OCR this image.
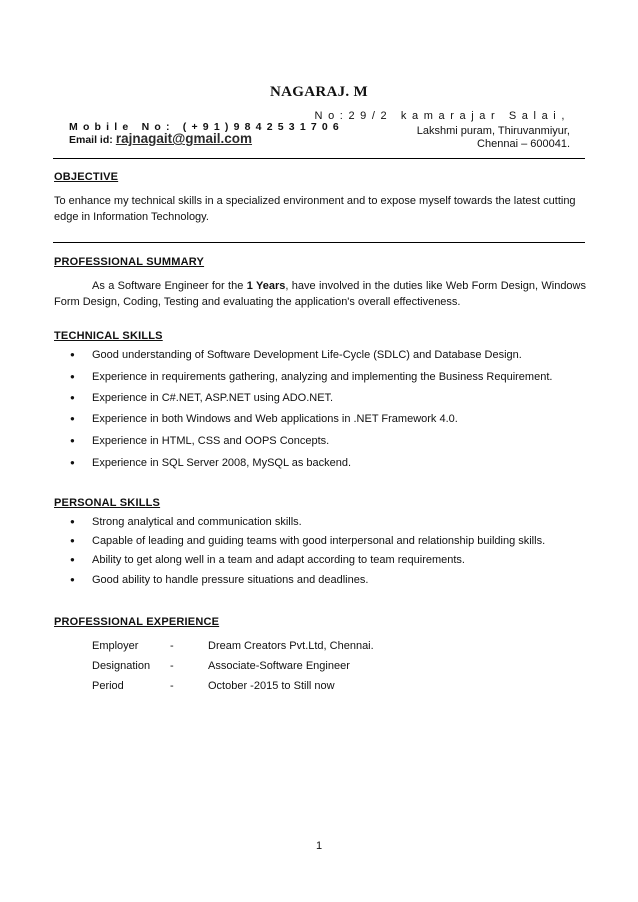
NAGARAJ. M
No:29/2 kamarajar Salai,
Mobile No: (+91)9842531706	Lakshmi puram, Thiruvanmiyur,
Email id: rajnagait@gmail.com	Chennai – 600041.
OBJECTIVE
To enhance my technical skills in a specialized environment and to expose myself towards the latest cutting edge in Information Technology.
PROFESSIONAL SUMMARY
As a Software Engineer for the 1 Years, have involved in the duties like Web Form Design, Windows Form Design, Coding, Testing and evaluating the application's overall effectiveness.
TECHNICAL SKILLS
● Good understanding of Software Development Life-Cycle (SDLC) and Database Design.
● Experience in requirements gathering, analyzing and implementing the Business Requirement.
● Experience in C#.NET, ASP.NET using ADO.NET.
● Experience in both Windows and Web applications in .NET Framework 4.0.
● Experience in HTML, CSS and OOPS Concepts.
● Experience in SQL Server 2008, MySQL as backend.
PERSONAL SKILLS
● Strong analytical and communication skills.
● Capable of leading and guiding teams with good interpersonal and relationship building skills.
● Ability to get along well in a team and adapt according to team requirements.
● Good ability to handle pressure situations and deadlines.
PROFESSIONAL EXPERIENCE
Employer	-	Dream Creators Pvt.Ltd, Chennai.
Designation -	Associate-Software Engineer
Period	-	October -2015 to Still now
1
